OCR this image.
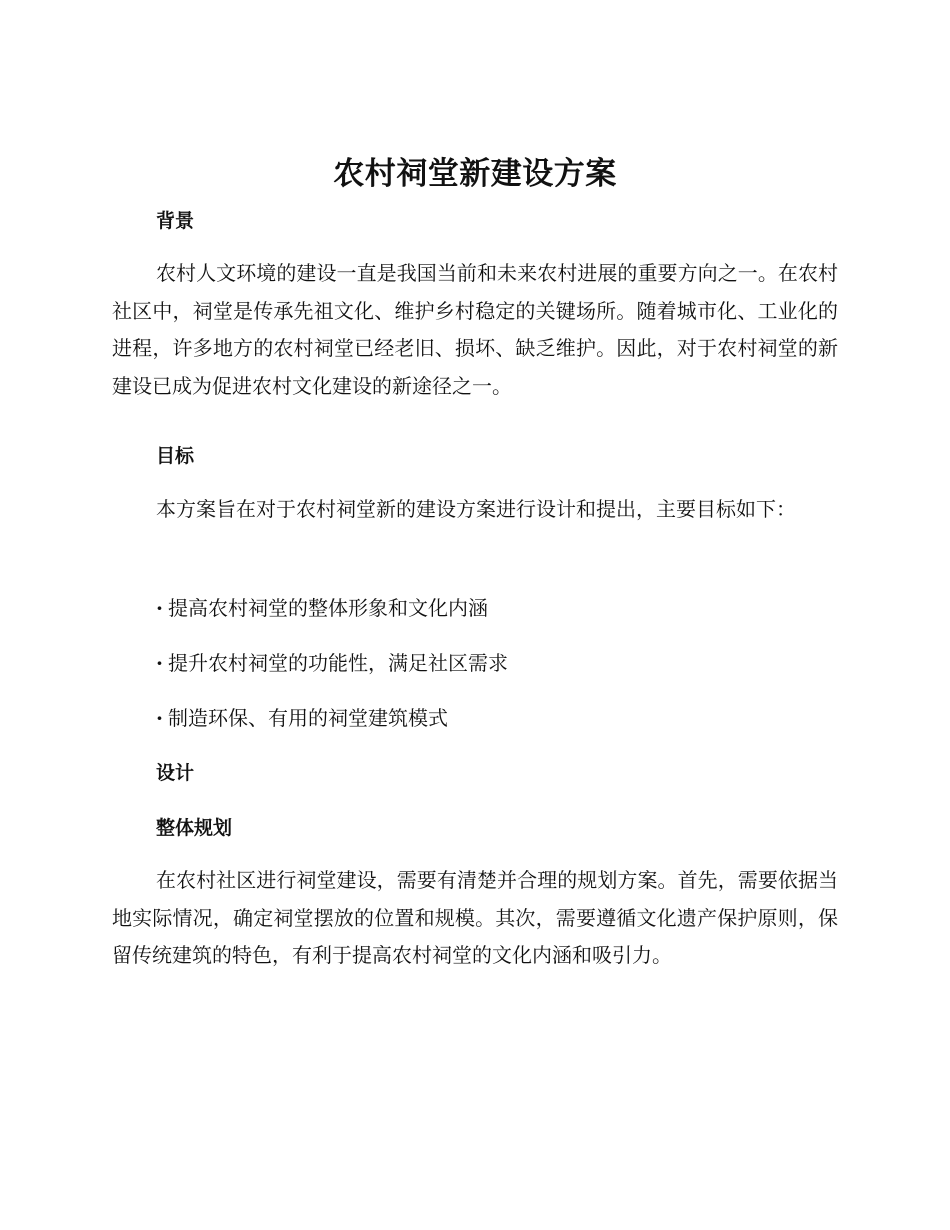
农村祠堂新建设方案
背景
农村人文环境的建设一直是我国当前和未来农村进展的重要方向之一。在农村社区中，祠堂是传承先祖文化、维护乡村稳定的关键场所。随着城市化、工业化的进程，许多地方的农村祠堂已经老旧、损坏、缺乏维护。因此，对于农村祠堂的新建设已成为促进农村文化建设的新途径之一。
目标
本方案旨在对于农村祠堂新的建设方案进行设计和提出，主要目标如下：
· 提高农村祠堂的整体形象和文化内涵
· 提升农村祠堂的功能性，满足社区需求
· 制造环保、有用的祠堂建筑模式
设计
整体规划
在农村社区进行祠堂建设，需要有清楚并合理的规划方案。首先，需要依据当地实际情况，确定祠堂摆放的位置和规模。其次，需要遵循文化遗产保护原则，保留传统建筑的特色，有利于提高农村祠堂的文化内涵和吸引力。
